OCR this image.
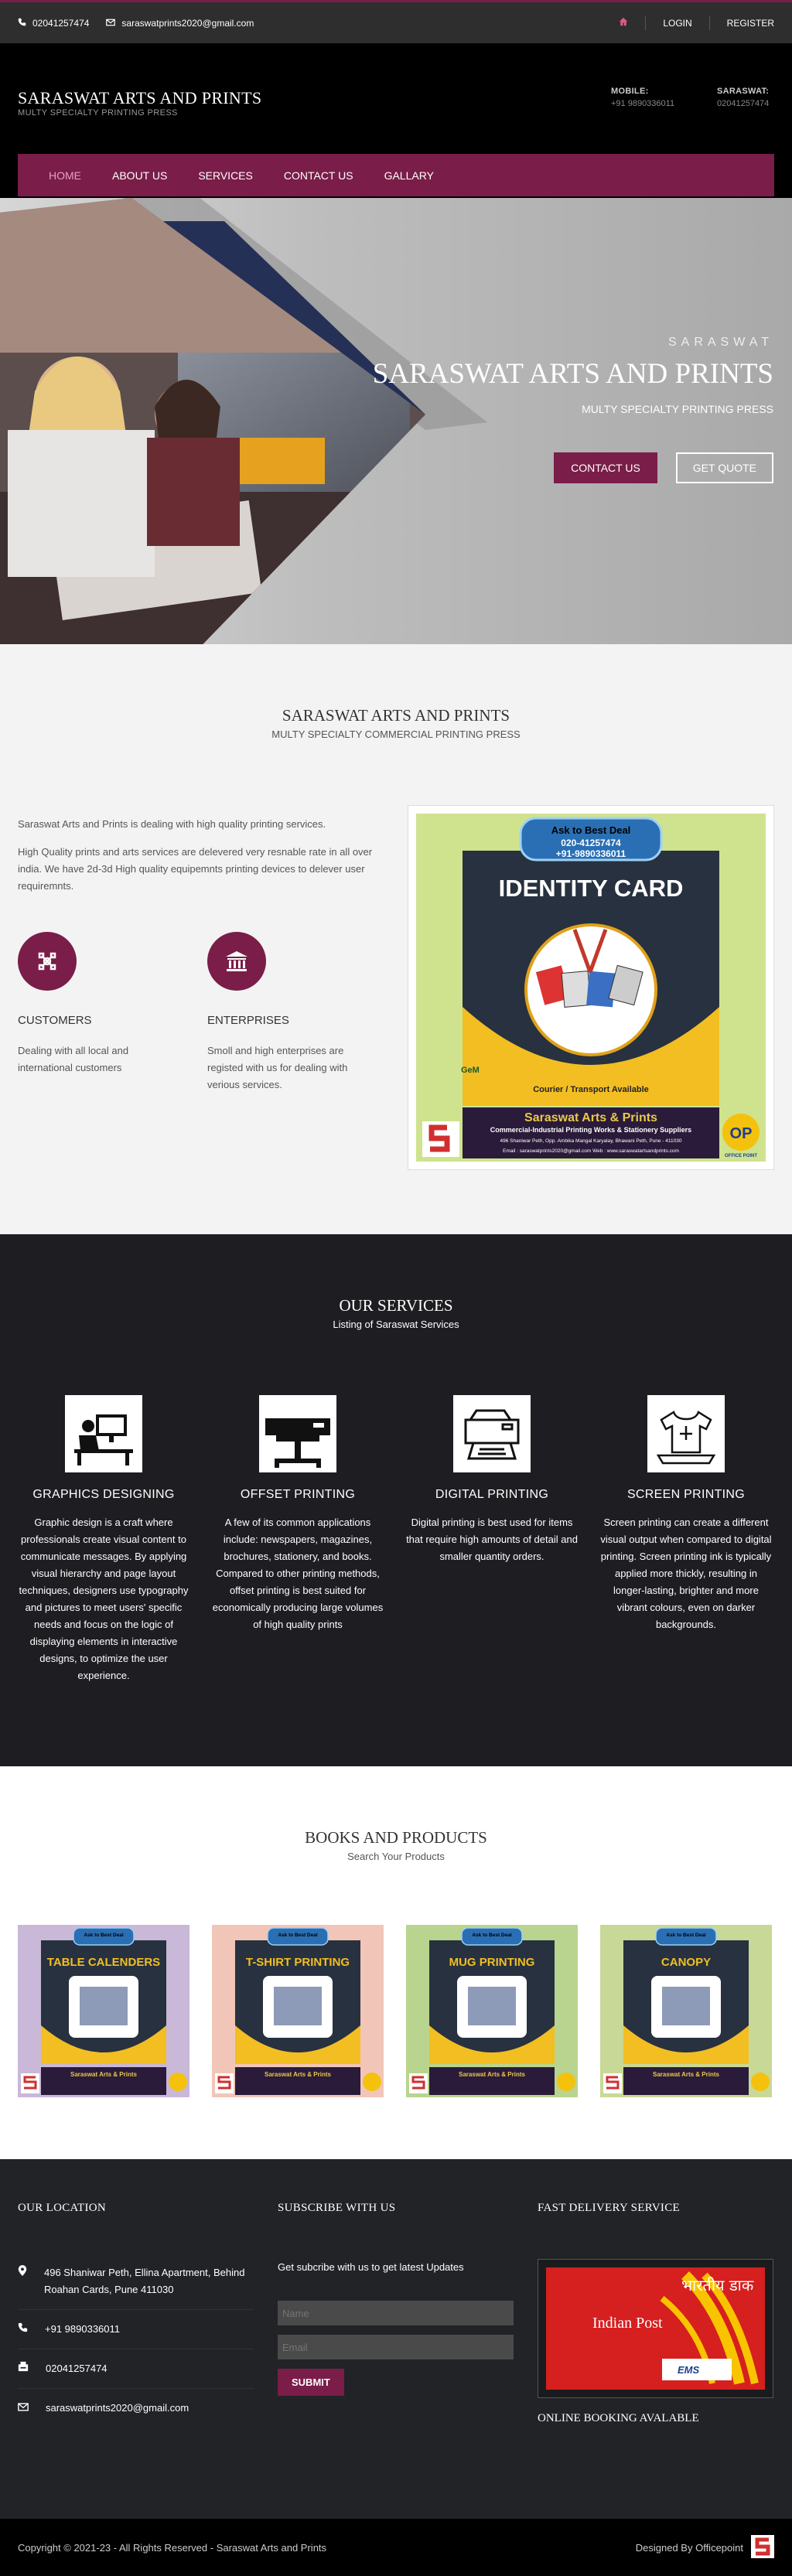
02041257474	saraswatprints2020@gmail.com	LOGIN	REGISTER
SARASWAT ARTS AND PRINTS
MULTY SPECIALTY PRINTING PRESS
MOBILE:
+91 9890336011
SARASWAT:
02041257474
HOME	ABOUT US	SERVICES	CONTACT US	GALLARY
SARASWAT
SARASWAT ARTS AND PRINTS
MULTY SPECIALTY PRINTING PRESS
CONTACT US	GET QUOTE
SARASWAT ARTS AND PRINTS
MULTY SPECIALTY COMMERCIAL PRINTING PRESS

Saraswat Arts and Prints is dealing with high quality printing services.

High Quality prints and arts services are delevered very resnable rate in all over india. We have 2d-3d High quality equipemnts printing devices to delever user requiremnts.

CUSTOMERS
Dealing with all local and international customers
ENTERPRISES
Smoll and high enterprises are registed with us for dealing with verious services.
Ask to Best Deal
020-41257474
+91-9890336011
IDENTITY CARD
GeM
Courier / Transport Available
Saraswat Arts & Prints
Commercial-Industrial Printing Works & Stationery Suppliers
496 Shaniwar Peth, Opp. Ambika Mangal Karyalay, Bhawani Peth, Pune - 411030
Email : saraswatprints2020@gmail.com Web : www.saraswatartsandprints.com
OP
OFFICE POINT
OUR SERVICES
Listing of Saraswat Services
GRAPHICS DESIGNING
Graphic design is a craft where professionals create visual content to communicate messages. By applying visual hierarchy and page layout techniques, designers use typography and pictures to meet users' specific needs and focus on the logic of displaying elements in interactive designs, to optimize the user experience.
OFFSET PRINTING
A few of its common applications include: newspapers, magazines, brochures, stationery, and books. Compared to other printing methods, offset printing is best suited for economically producing large volumes of high quality prints
DIGITAL PRINTING
Digital printing is best used for items that require high amounts of detail and smaller quantity orders.
SCREEN PRINTING
Screen printing can create a different visual output when compared to digital printing. Screen printing ink is typically applied more thickly, resulting in longer-lasting, brighter and more vibrant colours, even on darker backgrounds.
BOOKS AND PRODUCTS
Search Your Products
Ask to Best Deal
TABLE CALENDERS
Saraswat Arts & Prints
Ask to Best Deal
T-SHIRT PRINTING
Saraswat Arts & Prints
Ask to Best Deal
MUG PRINTING
Saraswat Arts & Prints
Ask to Best Deal
CANOPY
Saraswat Arts & Prints
OUR LOCATION
496 Shaniwar Peth, Ellina Apartment, Behind Roahan Cards, Pune 411030
+91 9890336011
02041257474
saraswatprints2020@gmail.com
SUBSCRIBE WITH US
Get subcribe with us to get latest Updates
Name
Email SUBMIT
FAST DELIVERY SERVICE
भारतीय डाक
Indian Post
EMS
ONLINE BOOKING AVALABLE
Copyright © 2021-23 - All Rights Reserved - Saraswat Arts and Prints	Designed By Officepoint
